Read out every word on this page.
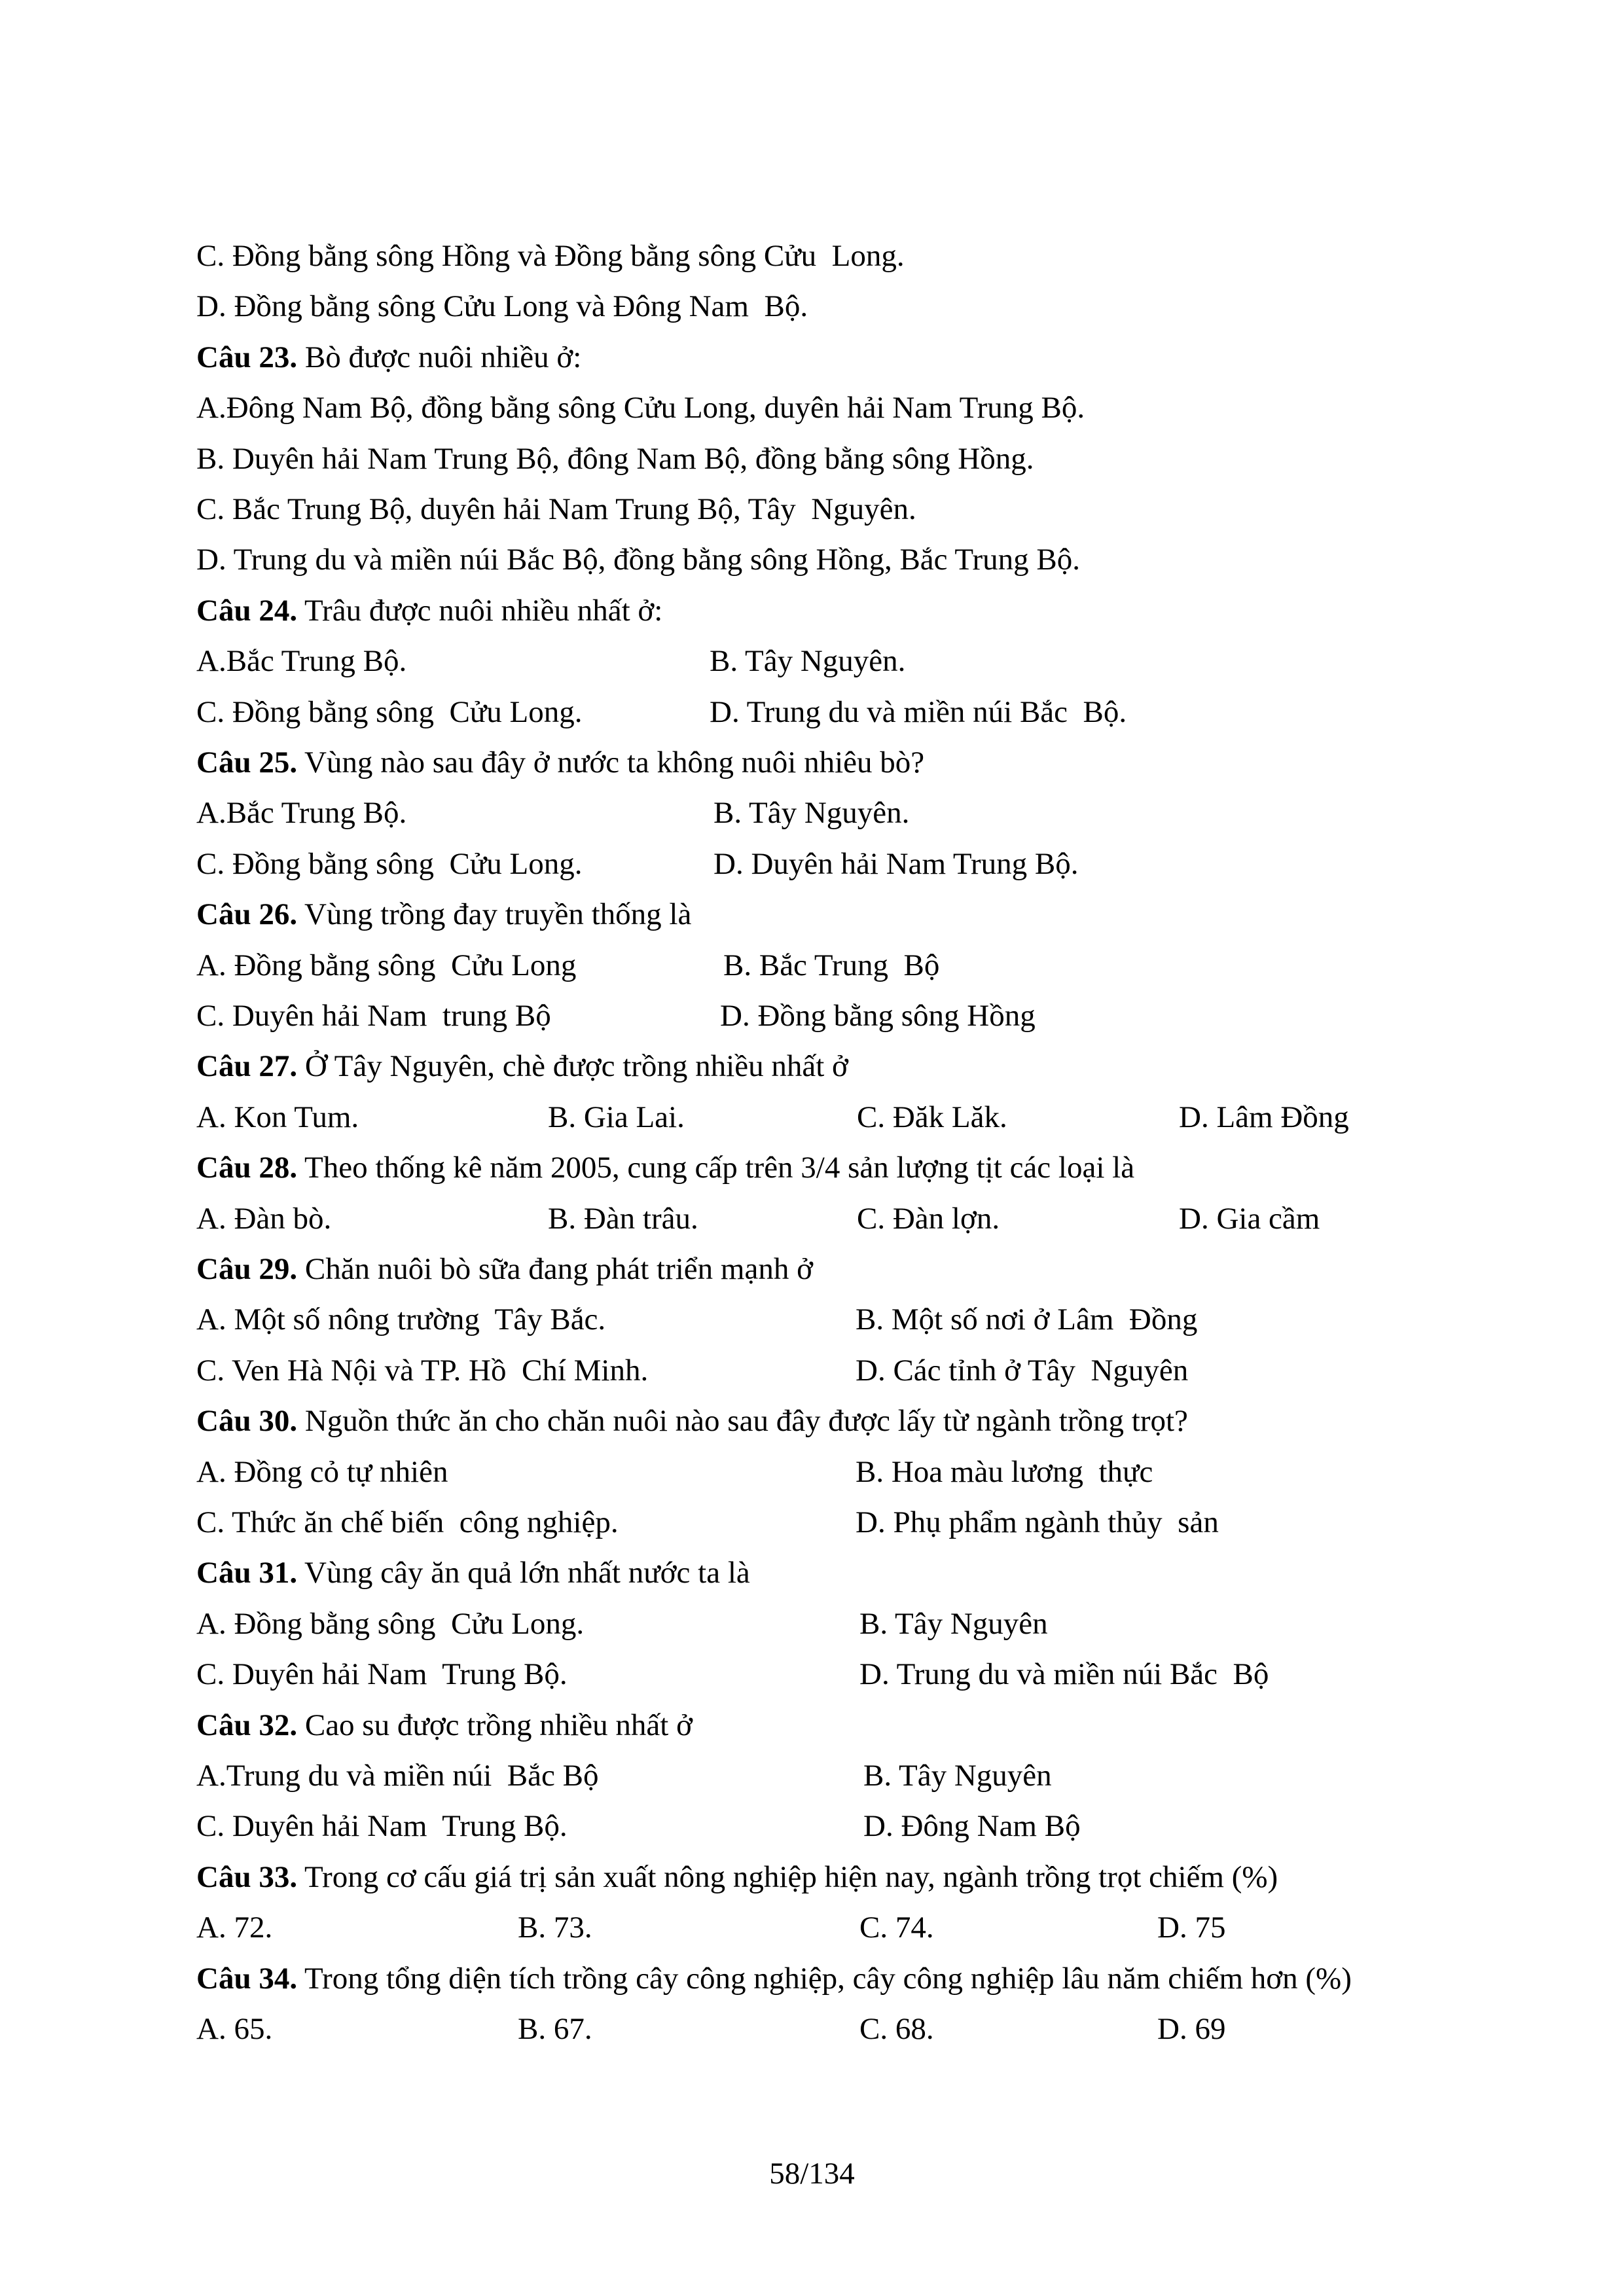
C. Đồng bằng sông Hồng và Đồng bằng sông Cửu  Long.
D. Đồng bằng sông Cửu Long và Đông Nam  Bộ.
Câu 23. Bò được nuôi nhiều ở:
A.Đông Nam Bộ, đồng bằng sông Cửu Long, duyên hải Nam Trung Bộ.
B. Duyên hải Nam Trung Bộ, đông Nam Bộ, đồng bằng sông Hồng.
C. Bắc Trung Bộ, duyên hải Nam Trung Bộ, Tây  Nguyên.
D. Trung du và miền núi Bắc Bộ, đồng bằng sông Hồng, Bắc Trung Bộ.
Câu 24. Trâu được nuôi nhiều nhất ở:
A.Bắc Trung Bộ.	B. Tây Nguyên.
C. Đồng bằng sông  Cửu Long.	D. Trung du và miền núi Bắc  Bộ.
Câu 25. Vùng nào sau đây ở nước ta không nuôi nhiêu bò?
A.Bắc Trung Bộ.	B. Tây Nguyên.
C. Đồng bằng sông  Cửu Long.	D. Duyên hải Nam Trung Bộ.
Câu 26. Vùng trồng đay truyền thống là
A. Đồng bằng sông  Cửu Long	B. Bắc Trung  Bộ
C. Duyên hải Nam  trung Bộ	D. Đồng bằng sông Hồng
Câu 27. Ở Tây Nguyên, chè được trồng nhiều nhất ở
A. Kon Tum.	B. Gia Lai.	C. Đăk Lăk.	D. Lâm Đồng
Câu 28. Theo thống kê năm 2005, cung cấp trên 3/4 sản lượng tịt các loại là
A. Đàn bò.	B. Đàn trâu.	C. Đàn lợn.	D. Gia cầm
Câu 29. Chăn nuôi bò sữa đang phát triển mạnh ở
A. Một số nông trường  Tây Bắc.	B. Một số nơi ở Lâm  Đồng
C. Ven Hà Nội và TP. Hồ  Chí Minh.	D. Các tỉnh ở Tây  Nguyên
Câu 30. Nguồn thức ăn cho chăn nuôi nào sau đây được lấy từ ngành trồng trọt?
A. Đồng cỏ tự nhiên	B. Hoa màu lương  thực
C. Thức ăn chế biến  công nghiệp.	D. Phụ phẩm ngành thủy  sản
Câu 31. Vùng cây ăn quả lớn nhất nước ta là
A. Đồng bằng sông  Cửu Long.	B. Tây Nguyên
C. Duyên hải Nam  Trung Bộ.	D. Trung du và miền núi Bắc  Bộ
Câu 32. Cao su được trồng nhiều nhất ở
A.Trung du và miền núi  Bắc Bộ	B. Tây Nguyên
C. Duyên hải Nam  Trung Bộ.	D. Đông Nam Bộ
Câu 33. Trong cơ cấu giá trị sản xuất nông nghiệp hiện nay, ngành trồng trọt chiếm (%)
A. 72.	B. 73.	C. 74.	D. 75
Câu 34. Trong tổng diện tích trồng cây công nghiệp, cây công nghiệp lâu năm chiếm hơn (%)
A. 65.	B. 67.	C. 68.	D. 69
58/134
